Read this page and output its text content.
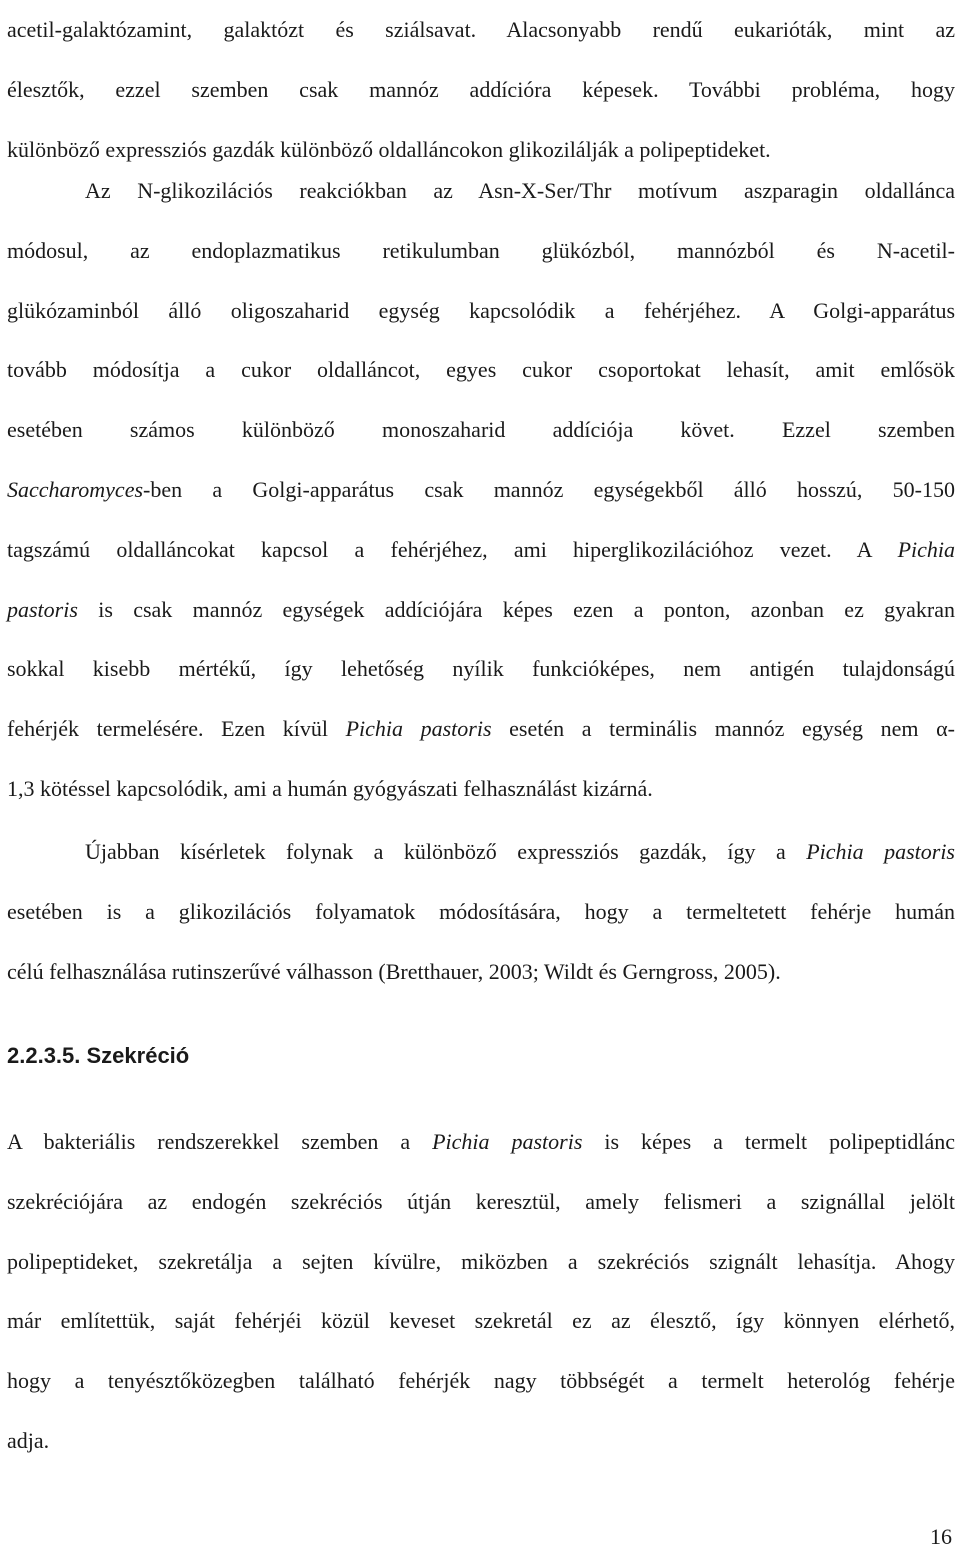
acetil-galaktózamint, galaktózt és sziálsavat. Alacsonyabb rendű eukarióták, mint az
élesztők, ezzel szemben csak mannóz addícióra képesek. További probléma, hogy
különböző expressziós gazdák különböző oldalláncokon glikozilálják a polipeptideket.
Az N-glikozilációs reakciókban az Asn-X-Ser/Thr motívum aszparagin oldallánca
módosul, az endoplazmatikus retikulumban glükózból, mannózból és N-acetil-
glükózaminból álló oligoszaharid egység kapcsolódik a fehérjéhez. A Golgi-apparátus
tovább módosítja a cukor oldalláncot, egyes cukor csoportokat lehasít, amit emlősök
esetében számos különböző monoszaharid addíciója követ. Ezzel szemben
Saccharomyces-ben a Golgi-apparátus csak mannóz egységekből álló hosszú, 50-150
tagszámú oldalláncokat kapcsol a fehérjéhez, ami hiperglikozilációhoz vezet. A Pichia
pastoris is csak mannóz egységek addíciójára képes ezen a ponton, azonban ez gyakran
sokkal kisebb mértékű, így lehetőség nyílik funkcióképes, nem antigén tulajdonságú
fehérjék termelésére. Ezen kívül Pichia pastoris esetén a terminális mannóz egység nem α-
1,3 kötéssel kapcsolódik, ami a humán gyógyászati felhasználást kizárná.
Újabban kísérletek folynak a különböző expressziós gazdák, így a Pichia pastoris
esetében is a glikozilációs folyamatok módosítására, hogy a termeltetett fehérje humán
célú felhasználása rutinszerűvé válhasson (Bretthauer, 2003; Wildt és Gerngross, 2005).
2.2.3.5. Szekréció
A bakteriális rendszerekkel szemben a Pichia pastoris is képes a termelt polipeptidlánc
szekréciójára az endogén szekréciós útján keresztül, amely felismeri a szignállal jelölt
polipeptideket, szekretálja a sejten kívülre, miközben a szekréciós szignált lehasítja. Ahogy
már említettük, saját fehérjéi közül keveset szekretál ez az élesztő, így könnyen elérhető,
hogy a tenyésztőközegben található fehérjék nagy többségét a termelt heterológ fehérje
adja.
16
